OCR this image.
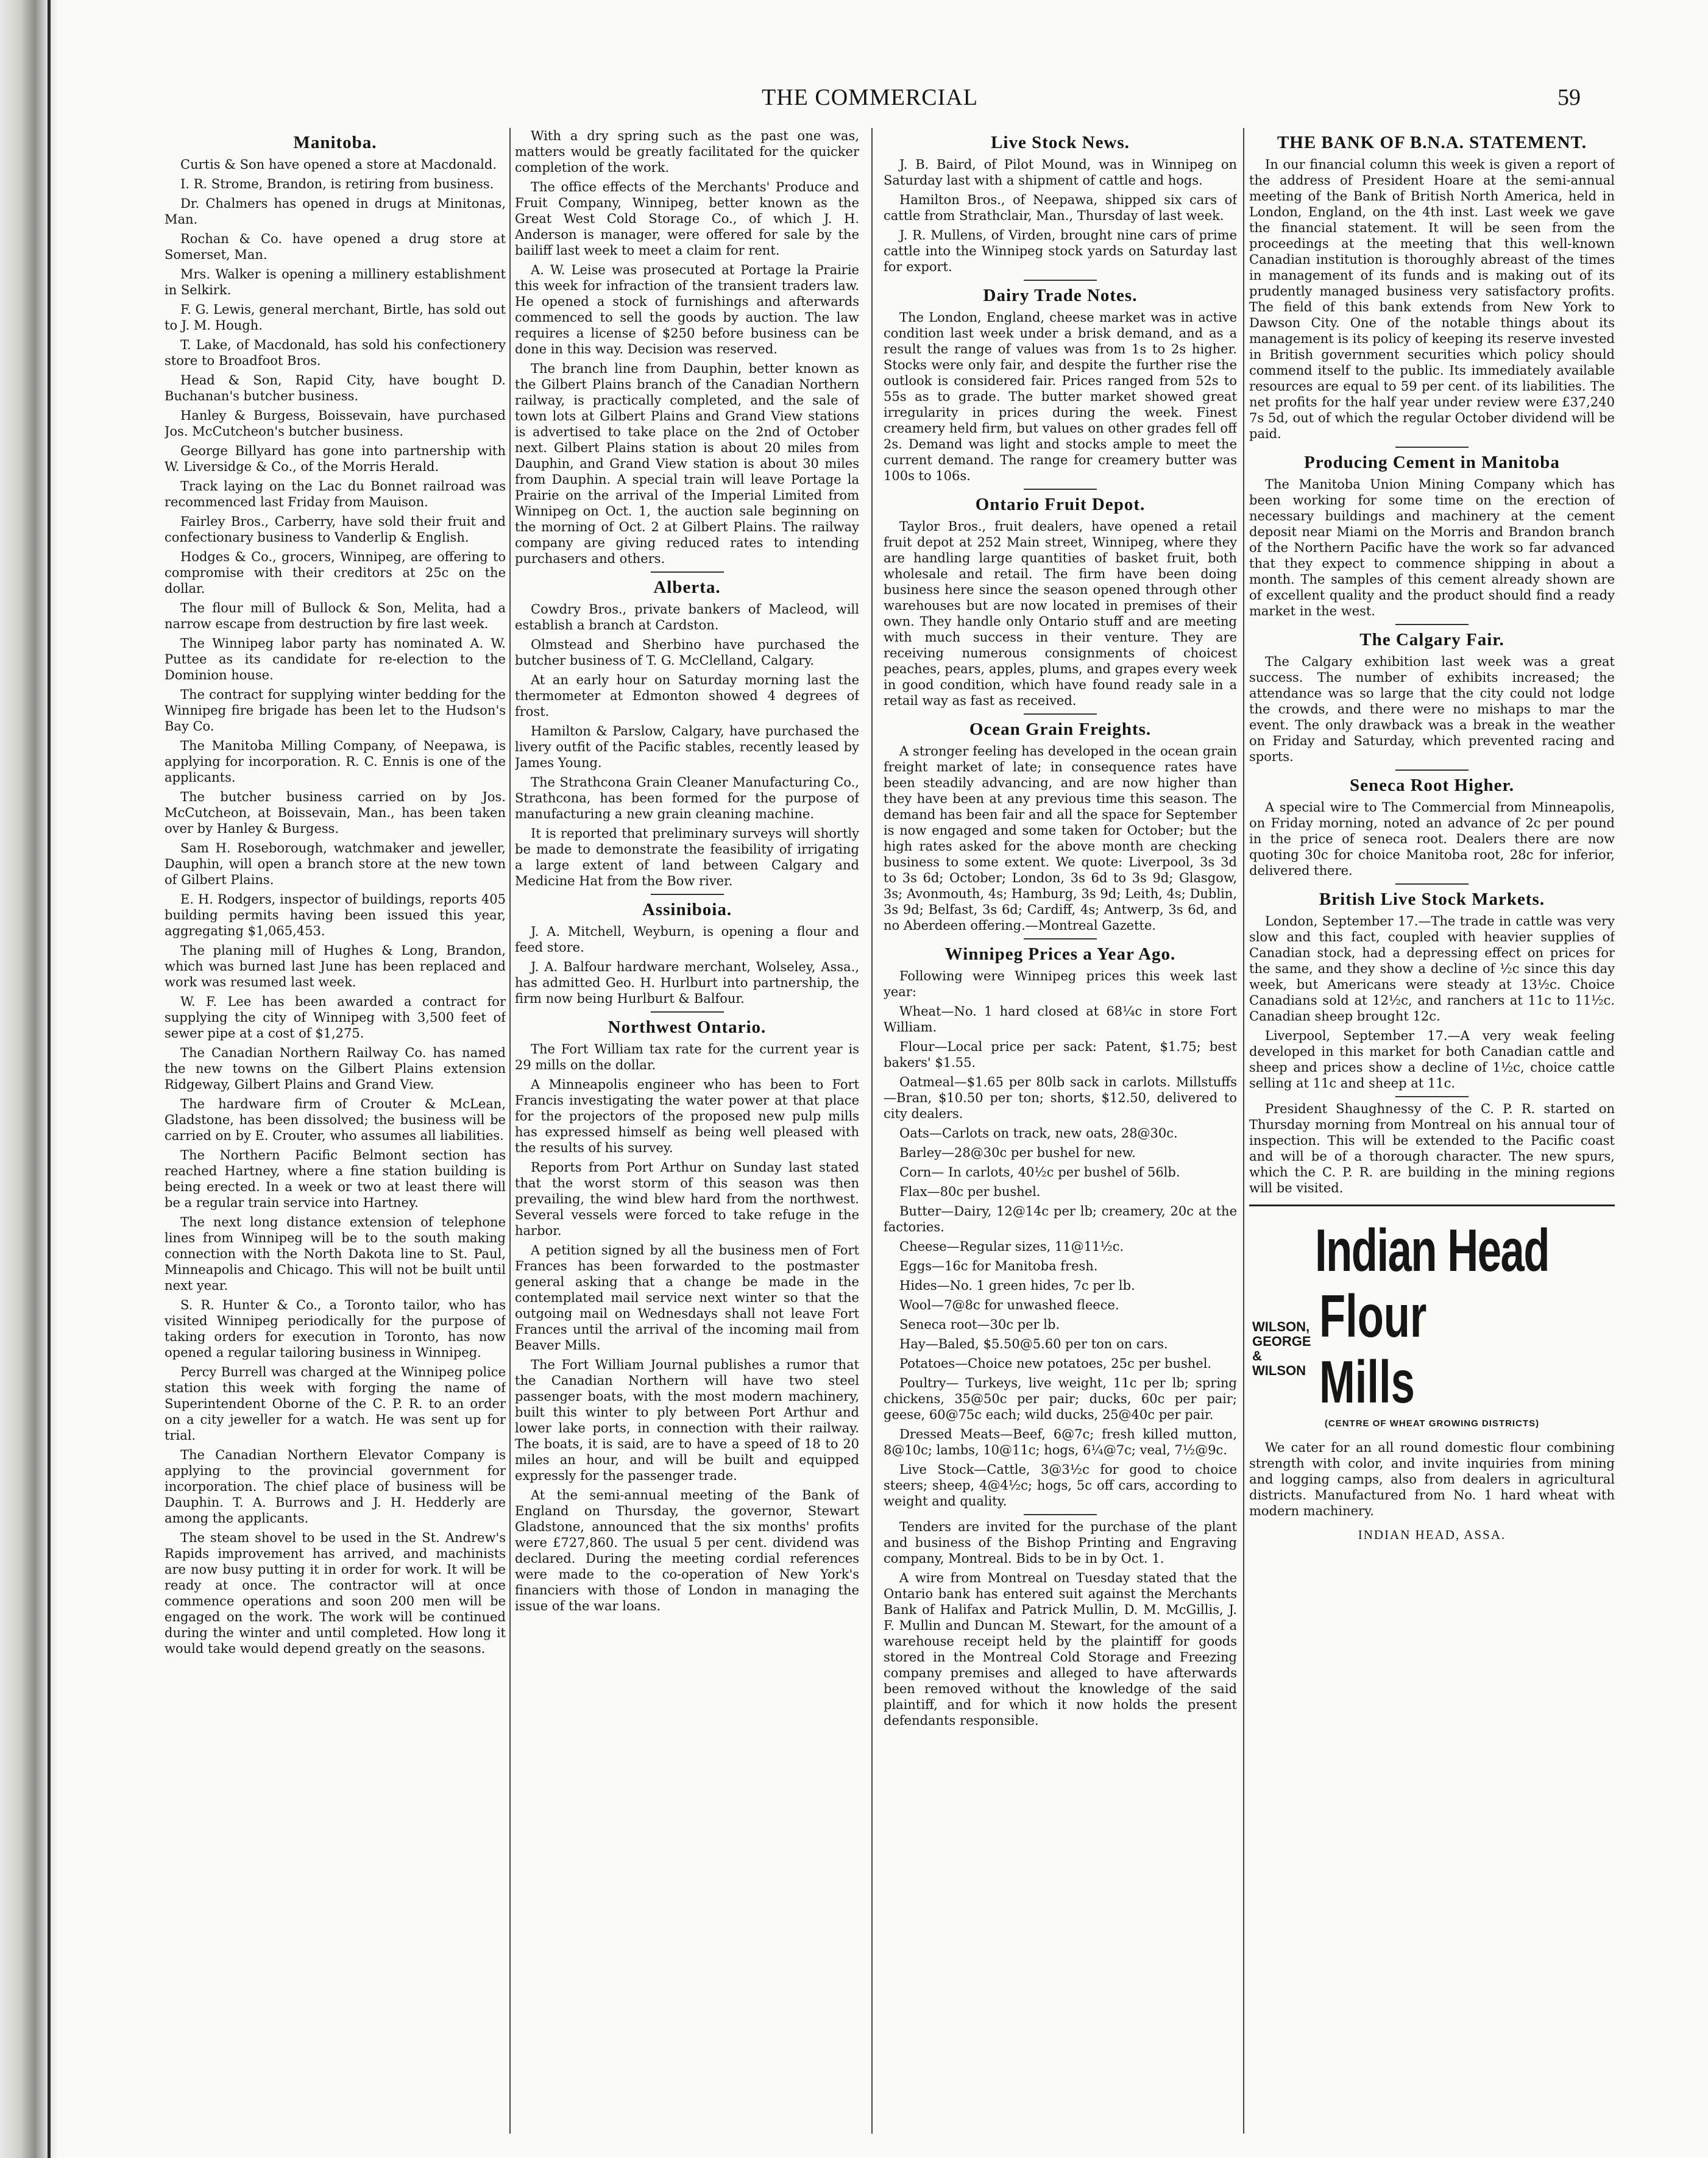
THE COMMERCIAL	59
Manitoba.

Curtis & Son have opened a store at Macdonald.

I. R. Strome, Brandon, is retiring from business.

Dr. Chalmers has opened in drugs at Minitonas, Man.

Rochan & Co. have opened a drug store at Somerset, Man.

Mrs. Walker is opening a millinery establishment in Selkirk.

F. G. Lewis, general merchant, Birtle, has sold out to J. M. Hough.

T. Lake, of Macdonald, has sold his confectionery store to Broadfoot Bros.

Head & Son, Rapid City, have bought D. Buchanan's butcher business.

Hanley & Burgess, Boissevain, have purchased Jos. McCutcheon's butcher business.

George Billyard has gone into partnership with W. Liversidge & Co., of the Morris Herald.

Track laying on the Lac du Bonnet railroad was recommenced last Friday from Mauison.

Fairley Bros., Carberry, have sold their fruit and confectionary business to Vanderlip & English.

Hodges & Co., grocers, Winnipeg, are offering to compromise with their creditors at 25c on the dollar.

The flour mill of Bullock & Son, Melita, had a narrow escape from destruction by fire last week.

The Winnipeg labor party has nominated A. W. Puttee as its candidate for re-election to the Dominion house.

The contract for supplying winter bedding for the Winnipeg fire brigade has been let to the Hudson's Bay Co.

The Manitoba Milling Company, of Neepawa, is applying for incorporation. R. C. Ennis is one of the applicants.

The butcher business carried on by Jos. McCutcheon, at Boissevain, Man., has been taken over by Hanley & Burgess.

Sam H. Roseborough, watchmaker and jeweller, Dauphin, will open a branch store at the new town of Gilbert Plains.

E. H. Rodgers, inspector of buildings, reports 405 building permits having been issued this year, aggregating $1,065,453.

The planing mill of Hughes & Long, Brandon, which was burned last June has been replaced and work was resumed last week.

W. F. Lee has been awarded a contract for supplying the city of Winnipeg with 3,500 feet of sewer pipe at a cost of $1,275.

The Canadian Northern Railway Co. has named the new towns on the Gilbert Plains extension Ridgeway, Gilbert Plains and Grand View.

The hardware firm of Crouter & McLean, Gladstone, has been dissolved; the business will be carried on by E. Crouter, who assumes all liabilities.

The Northern Pacific Belmont section has reached Hartney, where a fine station building is being erected. In a week or two at least there will be a regular train service into Hartney.

The next long distance extension of telephone lines from Winnipeg will be to the south making connection with the North Dakota line to St. Paul, Minneapolis and Chicago. This will not be built until next year.

S. R. Hunter & Co., a Toronto tailor, who has visited Winnipeg periodically for the purpose of taking orders for execution in Toronto, has now opened a regular tailoring business in Winnipeg.

Percy Burrell was charged at the Winnipeg police station this week with forging the name of Superintendent Oborne of the C. P. R. to an order on a city jeweller for a watch. He was sent up for trial.

The Canadian Northern Elevator Company is applying to the provincial government for incorporation. The chief place of business will be Dauphin. T. A. Burrows and J. H. Hedderly are among the applicants.

The steam shovel to be used in the St. Andrew's Rapids improvement has arrived, and machinists are now busy putting it in order for work. It will be ready at once. The contractor will at once commence operations and soon 200 men will be engaged on the work. The work will be continued during the winter and until completed. How long it would take would depend greatly on the seasons.

With a dry spring such as the past one was, matters would be greatly facilitated for the quicker completion of the work.

The office effects of the Merchants' Produce and Fruit Company, Winnipeg, better known as the Great West Cold Storage Co., of which J. H. Anderson is manager, were offered for sale by the bailiff last week to meet a claim for rent.

A. W. Leise was prosecuted at Portage la Prairie this week for infraction of the transient traders law. He opened a stock of furnishings and afterwards commenced to sell the goods by auction. The law requires a license of $250 before business can be done in this way. Decision was reserved.

The branch line from Dauphin, better known as the Gilbert Plains branch of the Canadian Northern railway, is practically completed, and the sale of town lots at Gilbert Plains and Grand View stations is advertised to take place on the 2nd of October next. Gilbert Plains station is about 20 miles from Dauphin, and Grand View station is about 30 miles from Dauphin. A special train will leave Portage la Prairie on the arrival of the Imperial Limited from Winnipeg on Oct. 1, the auction sale beginning on the morning of Oct. 2 at Gilbert Plains. The railway company are giving reduced rates to intending purchasers and others.

Alberta.

Cowdry Bros., private bankers of Macleod, will establish a branch at Cardston.

Olmstead and Sherbino have purchased the butcher business of T. G. McClelland, Calgary.

At an early hour on Saturday morning last the thermometer at Edmonton showed 4 degrees of frost.

Hamilton & Parslow, Calgary, have purchased the livery outfit of the Pacific stables, recently leased by James Young.

The Strathcona Grain Cleaner Manufacturing Co., Strathcona, has been formed for the purpose of manufacturing a new grain cleaning machine.

It is reported that preliminary surveys will shortly be made to demonstrate the feasibility of irrigating a large extent of land between Calgary and Medicine Hat from the Bow river.

Assiniboia.

J. A. Mitchell, Weyburn, is opening a flour and feed store.

J. A. Balfour hardware merchant, Wolseley, Assa., has admitted Geo. H. Hurlburt into partnership, the firm now being Hurlburt & Balfour.

Northwest Ontario.

The Fort William tax rate for the current year is 29 mills on the dollar.

A Minneapolis engineer who has been to Fort Francis investigating the water power at that place for the projectors of the proposed new pulp mills has expressed himself as being well pleased with the results of his survey.

Reports from Port Arthur on Sunday last stated that the worst storm of this season was then prevailing, the wind blew hard from the northwest. Several vessels were forced to take refuge in the harbor.

A petition signed by all the business men of Fort Frances has been forwarded to the postmaster general asking that a change be made in the contemplated mail service next winter so that the outgoing mail on Wednesdays shall not leave Fort Frances until the arrival of the incoming mail from Beaver Mills.

The Fort William Journal publishes a rumor that the Canadian Northern will have two steel passenger boats, with the most modern machinery, built this winter to ply between Port Arthur and lower lake ports, in connection with their railway. The boats, it is said, are to have a speed of 18 to 20 miles an hour, and will be built and equipped expressly for the passenger trade.

At the semi-annual meeting of the Bank of England on Thursday, the governor, Stewart Gladstone, announced that the six months' profits were £727,860. The usual 5 per cent. dividend was declared. During the meeting cordial references were made to the co-operation of New York's financiers with those of London in managing the issue of the war loans.

Live Stock News.

J. B. Baird, of Pilot Mound, was in Winnipeg on Saturday last with a shipment of cattle and hogs.

Hamilton Bros., of Neepawa, shipped six cars of cattle from Strathclair, Man., Thursday of last week.

J. R. Mullens, of Virden, brought nine cars of prime cattle into the Winnipeg stock yards on Saturday last for export.

Dairy Trade Notes.

The London, England, cheese market was in active condition last week under a brisk demand, and as a result the range of values was from 1s to 2s higher. Stocks were only fair, and despite the further rise the outlook is considered fair. Prices ranged from 52s to 55s as to grade. The butter market showed great irregularity in prices during the week. Finest creamery held firm, but values on other grades fell off 2s. Demand was light and stocks ample to meet the current demand. The range for creamery butter was 100s to 106s.

Ontario Fruit Depot.

Taylor Bros., fruit dealers, have opened a retail fruit depot at 252 Main street, Winnipeg, where they are handling large quantities of basket fruit, both wholesale and retail. The firm have been doing business here since the season opened through other warehouses but are now located in premises of their own. They handle only Ontario stuff and are meeting with much success in their venture. They are receiving numerous consignments of choicest peaches, pears, apples, plums, and grapes every week in good condition, which have found ready sale in a retail way as fast as received.

Ocean Grain Freights.

A stronger feeling has developed in the ocean grain freight market of late; in consequence rates have been steadily advancing, and are now higher than they have been at any previous time this season. The demand has been fair and all the space for September is now engaged and some taken for October; but the high rates asked for the above month are checking business to some extent. We quote: Liverpool, 3s 3d to 3s 6d; October; London, 3s 6d to 3s 9d; Glasgow, 3s; Avonmouth, 4s; Hamburg, 3s 9d; Leith, 4s; Dublin, 3s 9d; Belfast, 3s 6d; Cardiff, 4s; Antwerp, 3s 6d, and no Aberdeen offering.—Montreal Gazette.

Winnipeg Prices a Year Ago.

Following were Winnipeg prices this week last year:

Wheat—No. 1 hard closed at 68¼c in store Fort William.

Flour—Local price per sack: Patent, $1.75; best bakers' $1.55.

Oatmeal—$1.65 per 80lb sack in carlots. Millstuffs—Bran, $10.50 per ton; shorts, $12.50, delivered to city dealers.

Oats—Carlots on track, new oats, 28@30c.

Barley—28@30c per bushel for new.

Corn— In carlots, 40½c per bushel of 56lb.

Flax—80c per bushel.

Butter—Dairy, 12@14c per lb; creamery, 20c at the factories.

Cheese—Regular sizes, 11@11½c.

Eggs—16c for Manitoba fresh.

Hides—No. 1 green hides, 7c per lb.

Wool—7@8c for unwashed fleece.

Seneca root—30c per lb.

Hay—Baled, $5.50@5.60 per ton on cars.

Potatoes—Choice new potatoes, 25c per bushel.

Poultry— Turkeys, live weight, 11c per lb; spring chickens, 35@50c per pair; ducks, 60c per pair; geese, 60@75c each; wild ducks, 25@40c per pair.

Dressed Meats—Beef, 6@7c; fresh killed mutton, 8@10c; lambs, 10@11c; hogs, 6¼@7c; veal, 7½@9c.

Live Stock—Cattle, 3@3½c for good to choice steers; sheep, 4@4½c; hogs, 5c off cars, according to weight and quality.

Tenders are invited for the purchase of the plant and business of the Bishop Printing and Engraving company, Montreal. Bids to be in by Oct. 1.

A wire from Montreal on Tuesday stated that the Ontario bank has entered suit against the Merchants Bank of Halifax and Patrick Mullin, D. M. McGillis, J. F. Mullin and Duncan M. Stewart, for the amount of a warehouse receipt held by the plaintiff for goods stored in the Montreal Cold Storage and Freezing company premises and alleged to have afterwards been removed without the knowledge of the said plaintiff, and for which it now holds the present defendants responsible.

THE BANK OF B.N.A. STATEMENT.

In our financial column this week is given a report of the address of President Hoare at the semi-annual meeting of the Bank of British North America, held in London, England, on the 4th inst. Last week we gave the financial statement. It will be seen from the proceedings at the meeting that this well-known Canadian institution is thoroughly abreast of the times in management of its funds and is making out of its prudently managed business very satisfactory profits. The field of this bank extends from New York to Dawson City. One of the notable things about its management is its policy of keeping its reserve invested in British government securities which policy should commend itself to the public. Its immediately available resources are equal to 59 per cent. of its liabilities. The net profits for the half year under review were £37,240 7s 5d, out of which the regular October dividend will be paid.

Producing Cement in Manitoba

The Manitoba Union Mining Company which has been working for some time on the erection of necessary buildings and machinery at the cement deposit near Miami on the Morris and Brandon branch of the Northern Pacific have the work so far advanced that they expect to commence shipping in about a month. The samples of this cement already shown are of excellent quality and the product should find a ready market in the west.

The Calgary Fair.

The Calgary exhibition last week was a great success. The number of exhibits increased; the attendance was so large that the city could not lodge the crowds, and there were no mishaps to mar the event. The only drawback was a break in the weather on Friday and Saturday, which prevented racing and sports.

Seneca Root Higher.

A special wire to The Commercial from Minneapolis, on Friday morning, noted an advance of 2c per pound in the price of seneca root. Dealers there are now quoting 30c for choice Manitoba root, 28c for inferior, delivered there.

British Live Stock Markets.

London, September 17.—The trade in cattle was very slow and this fact, coupled with heavier supplies of Canadian stock, had a depressing effect on prices for the same, and they show a decline of ½c since this day week, but Americans were steady at 13½c. Choice Canadians sold at 12½c, and ranchers at 11c to 11½c. Canadian sheep brought 12c.

Liverpool, September 17.—A very weak feeling developed in this market for both Canadian cattle and sheep and prices show a decline of 1½c, choice cattle selling at 11c and sheep at 11c.

President Shaughnessy of the C. P. R. started on Thursday morning from Montreal on his annual tour of inspection. This will be extended to the Pacific coast and will be of a thorough character. The new spurs, which the C. P. R. are building in the mining regions will be visited.

Indian Head
WILSON,
GEORGE &
WILSON
Flour Mills
(CENTRE OF WHEAT GROWING DISTRICTS)

We cater for an all round domestic flour combining strength with color, and invite inquiries from mining and logging camps, also from dealers in agricultural districts. Manufactured from No. 1 hard wheat with modern machinery.

INDIAN HEAD, ASSA.
